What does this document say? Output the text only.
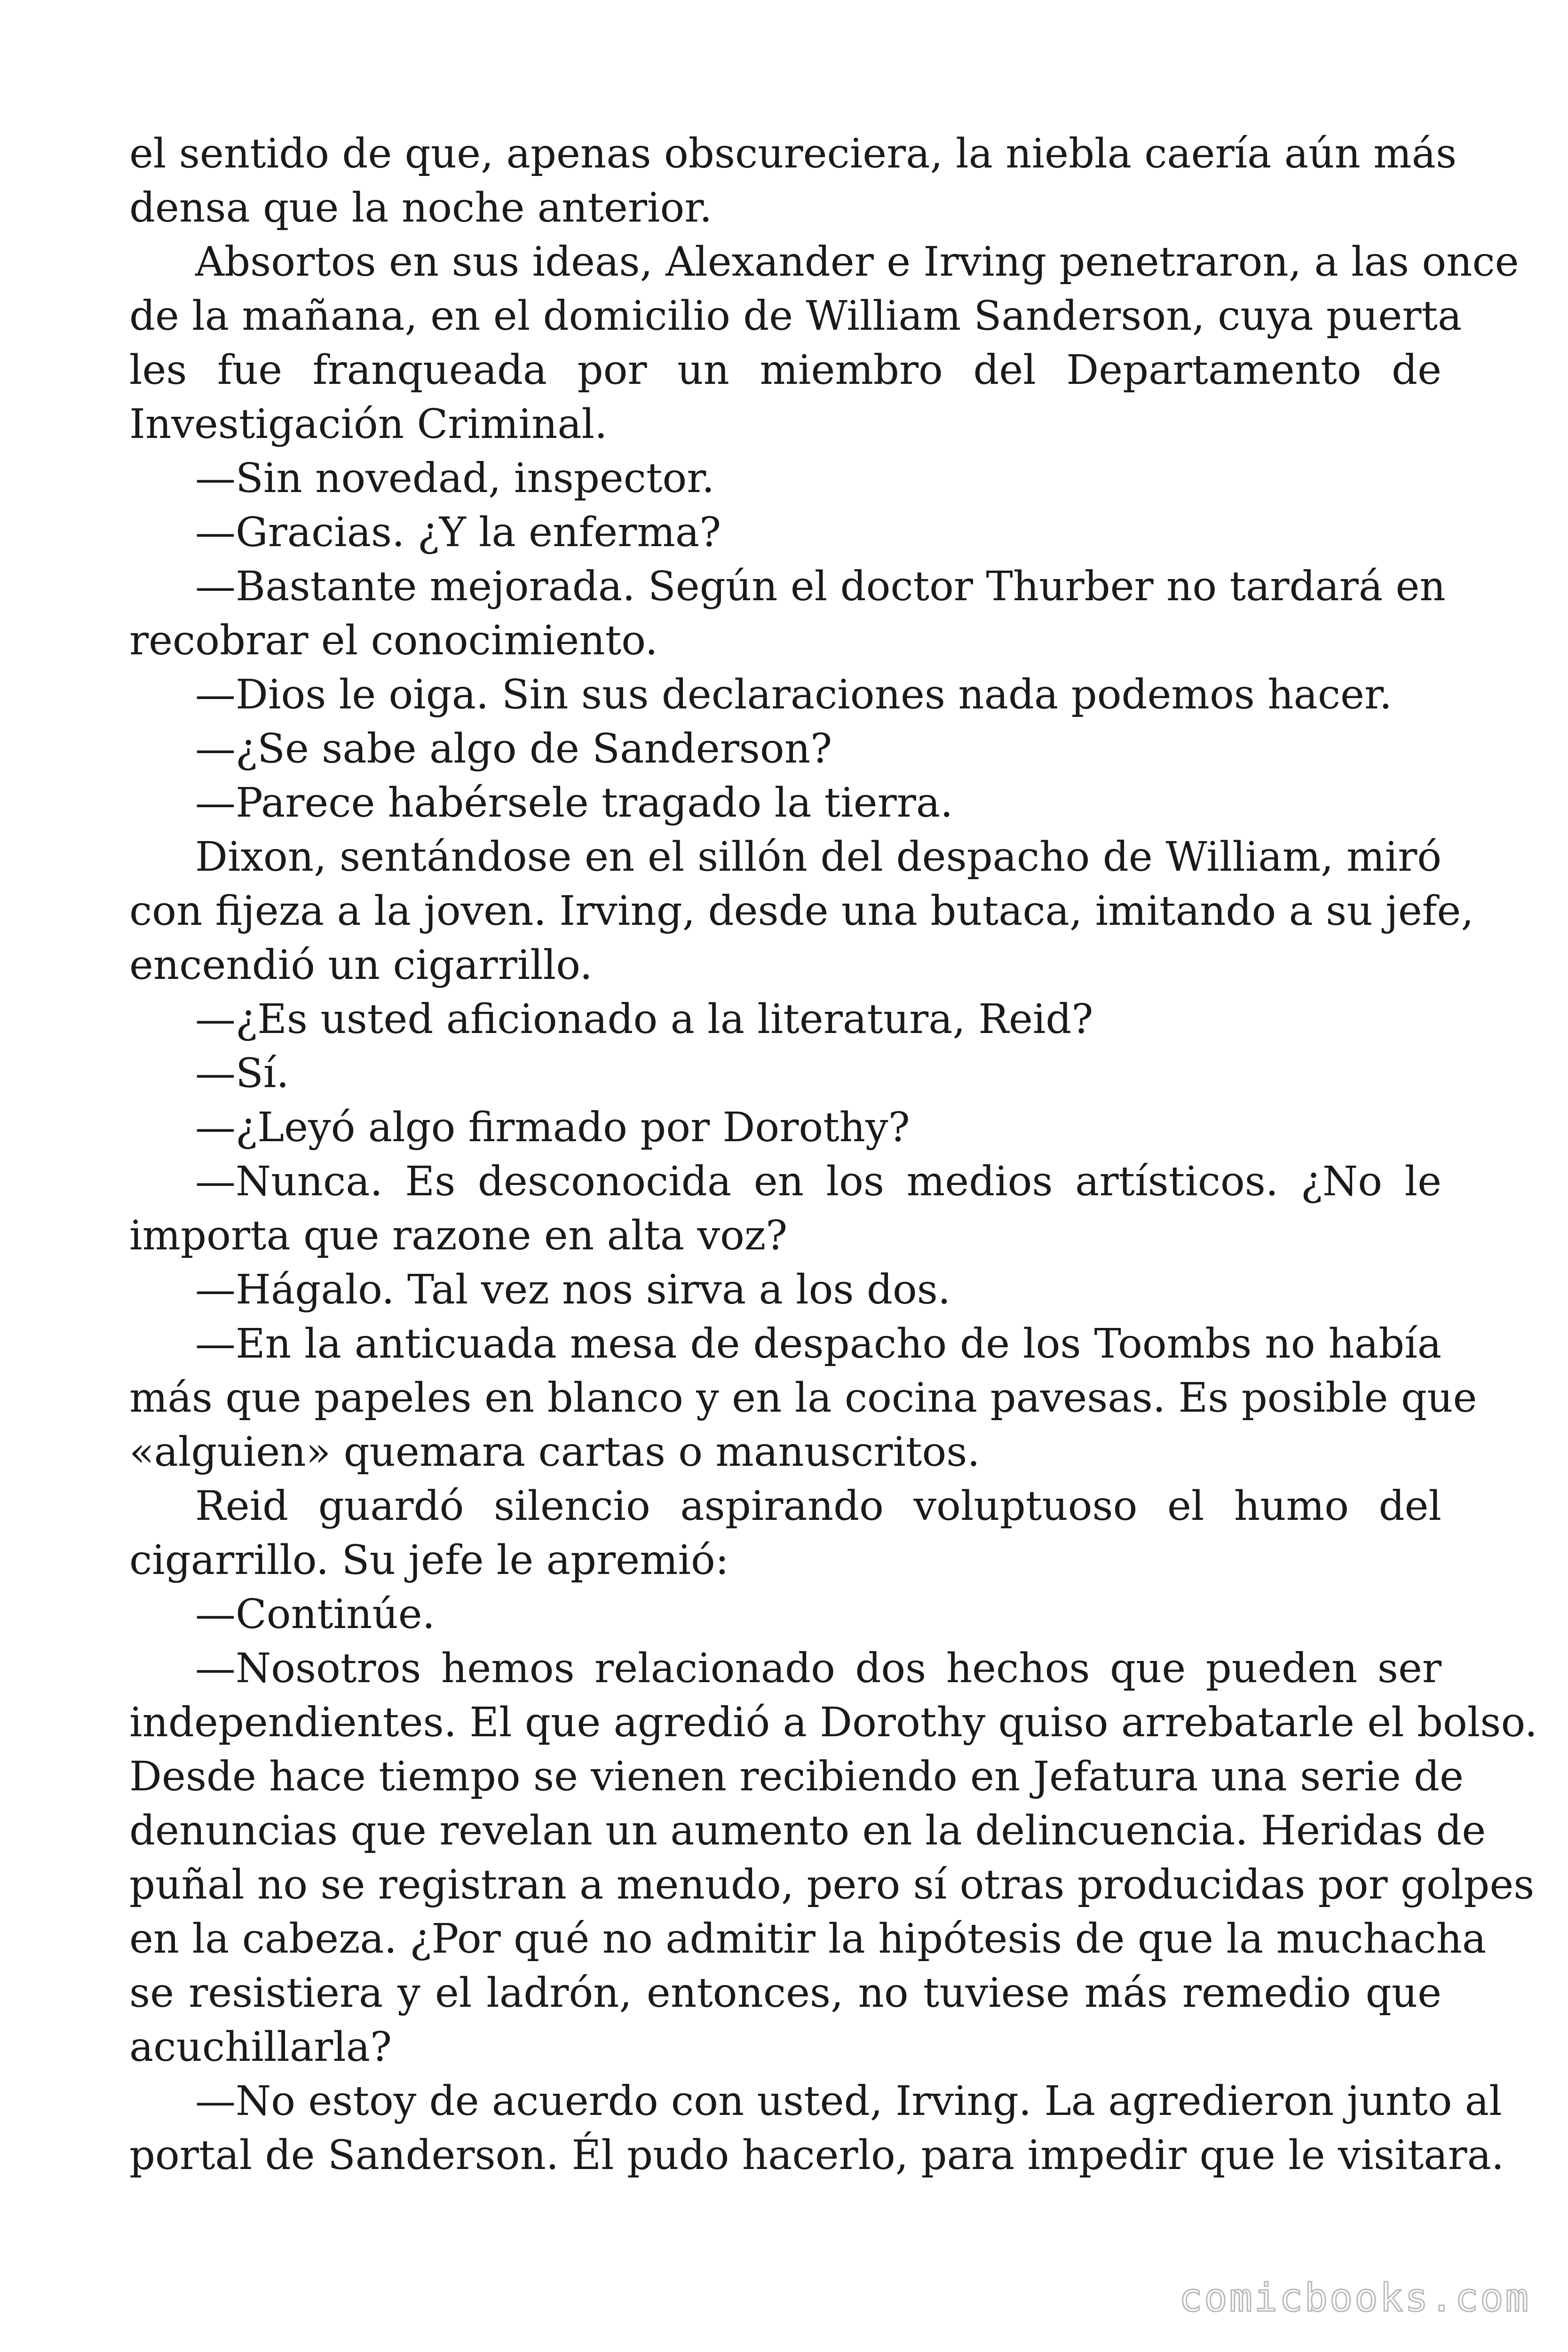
el sentido de que, apenas obscureciera, la niebla caería aún más
densa que la noche anterior.
Absortos en sus ideas, Alexander e Irving penetraron, a las once
de la mañana, en el domicilio de William Sanderson, cuya puerta
les fue franqueada por un miembro del Departamento de
Investigación Criminal.
—Sin novedad, inspector.
—Gracias. ¿Y la enferma?
—Bastante mejorada. Según el doctor Thurber no tardará en
recobrar el conocimiento.
—Dios le oiga. Sin sus declaraciones nada podemos hacer.
—¿Se sabe algo de Sanderson?
—Parece habérsele tragado la tierra.
Dixon, sentándose en el sillón del despacho de William, miró
con fijeza a la joven. Irving, desde una butaca, imitando a su jefe,
encendió un cigarrillo.
—¿Es usted aficionado a la literatura, Reid?
—Sí.
—¿Leyó algo firmado por Dorothy?
—Nunca. Es desconocida en los medios artísticos. ¿No le
importa que razone en alta voz?
—Hágalo. Tal vez nos sirva a los dos.
—En la anticuada mesa de despacho de los Toombs no había
más que papeles en blanco y en la cocina pavesas. Es posible que
«alguien» quemara cartas o manuscritos.
Reid guardó silencio aspirando voluptuoso el humo del
cigarrillo. Su jefe le apremió:
—Continúe.
—Nosotros hemos relacionado dos hechos que pueden ser
independientes. El que agredió a Dorothy quiso arrebatarle el bolso.
Desde hace tiempo se vienen recibiendo en Jefatura una serie de
denuncias que revelan un aumento en la delincuencia. Heridas de
puñal no se registran a menudo, pero sí otras producidas por golpes
en la cabeza. ¿Por qué no admitir la hipótesis de que la muchacha
se resistiera y el ladrón, entonces, no tuviese más remedio que
acuchillarla?
—No estoy de acuerdo con usted, Irving. La agredieron junto al
portal de Sanderson. Él pudo hacerlo, para impedir que le visitara.
comicbooks.com
